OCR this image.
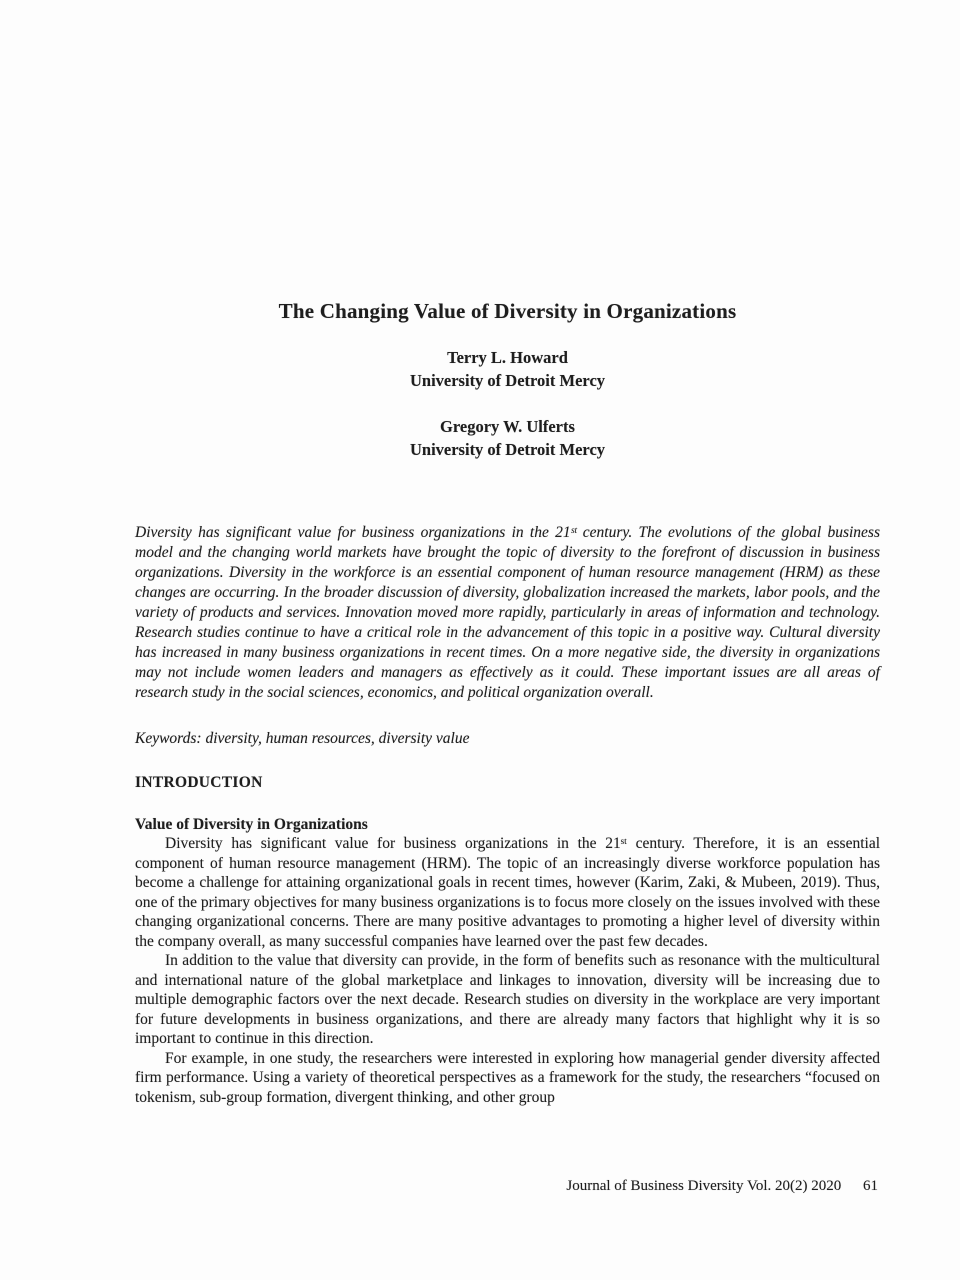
The Changing Value of Diversity in Organizations
Terry L. Howard
University of Detroit Mercy
Gregory W. Ulferts
University of Detroit Mercy
Diversity has significant value for business organizations in the 21ˢᵗ century. The evolutions of the global business model and the changing world markets have brought the topic of diversity to the forefront of discussion in business organizations. Diversity in the workforce is an essential component of human resource management (HRM) as these changes are occurring. In the broader discussion of diversity, globalization increased the markets, labor pools, and the variety of products and services. Innovation moved more rapidly, particularly in areas of information and technology. Research studies continue to have a critical role in the advancement of this topic in a positive way. Cultural diversity has increased in many business organizations in recent times. On a more negative side, the diversity in organizations may not include women leaders and managers as effectively as it could. These important issues are all areas of research study in the social sciences, economics, and political organization overall.
Keywords: diversity, human resources, diversity value
INTRODUCTION
Value of Diversity in Organizations

Diversity has significant value for business organizations in the 21ˢᵗ century. Therefore, it is an essential component of human resource management (HRM). The topic of an increasingly diverse workforce population has become a challenge for attaining organizational goals in recent times, however (Karim, Zaki, & Mubeen, 2019). Thus, one of the primary objectives for many business organizations is to focus more closely on the issues involved with these changing organizational concerns. There are many positive advantages to promoting a higher level of diversity within the company overall, as many successful companies have learned over the past few decades.

In addition to the value that diversity can provide, in the form of benefits such as resonance with the multicultural and international nature of the global marketplace and linkages to innovation, diversity will be increasing due to multiple demographic factors over the next decade. Research studies on diversity in the workplace are very important for future developments in business organizations, and there are already many factors that highlight why it is so important to continue in this direction.

For example, in one study, the researchers were interested in exploring how managerial gender diversity affected firm performance. Using a variety of theoretical perspectives as a framework for the study, the researchers “focused on tokenism, sub-group formation, divergent thinking, and other group

Journal of Business Diversity Vol. 20(2) 2020 61
